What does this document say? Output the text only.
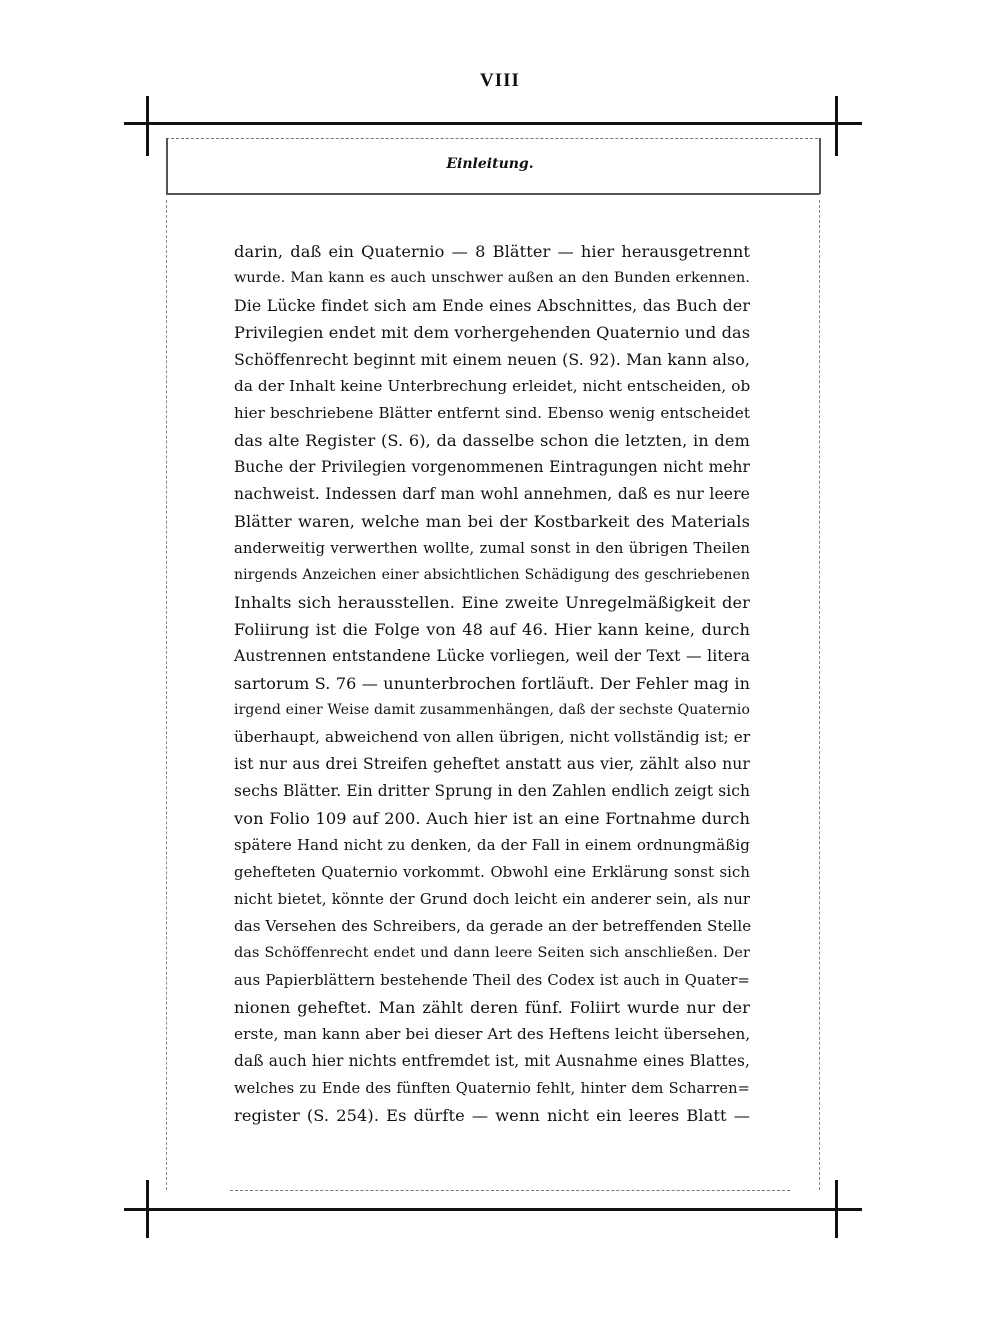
VIII
Einleitung.
darin, daß ein Quaternio — 8 Blätter — hier herausgetrennt
wurde. Man kann es auch unschwer außen an den Bunden erkennen.
Die Lücke findet sich am Ende eines Abschnittes, das Buch der
Privilegien endet mit dem vorhergehenden Quaternio und das
Schöffenrecht beginnt mit einem neuen (S. 92). Man kann also,
da der Inhalt keine Unterbrechung erleidet, nicht entscheiden, ob
hier beschriebene Blätter entfernt sind. Ebenso wenig entscheidet
das alte Register (S. 6), da dasselbe schon die letzten, in dem
Buche der Privilegien vorgenommenen Eintragungen nicht mehr
nachweist. Indessen darf man wohl annehmen, daß es nur leere
Blätter waren, welche man bei der Kostbarkeit des Materials
anderweitig verwerthen wollte, zumal sonst in den übrigen Theilen
nirgends Anzeichen einer absichtlichen Schädigung des geschriebenen
Inhalts sich herausstellen. Eine zweite Unregelmäßigkeit der
Foliirung ist die Folge von 48 auf 46. Hier kann keine, durch
Austrennen entstandene Lücke vorliegen, weil der Text — litera
sartorum S. 76 — ununterbrochen fortläuft. Der Fehler mag in
irgend einer Weise damit zusammenhängen, daß der sechste Quaternio
überhaupt, abweichend von allen übrigen, nicht vollständig ist; er
ist nur aus drei Streifen geheftet anstatt aus vier, zählt also nur
sechs Blätter. Ein dritter Sprung in den Zahlen endlich zeigt sich
von Folio 109 auf 200. Auch hier ist an eine Fortnahme durch
spätere Hand nicht zu denken, da der Fall in einem ordnungmäßig
gehefteten Quaternio vorkommt. Obwohl eine Erklärung sonst sich
nicht bietet, könnte der Grund doch leicht ein anderer sein, als nur
das Versehen des Schreibers, da gerade an der betreffenden Stelle
das Schöffenrecht endet und dann leere Seiten sich anschließen. Der
aus Papierblättern bestehende Theil des Codex ist auch in Quater=
nionen geheftet. Man zählt deren fünf. Foliirt wurde nur der
erste, man kann aber bei dieser Art des Heftens leicht übersehen,
daß auch hier nichts entfremdet ist, mit Ausnahme eines Blattes,
welches zu Ende des fünften Quaternio fehlt, hinter dem Scharren=
register (S. 254). Es dürfte — wenn nicht ein leeres Blatt —
